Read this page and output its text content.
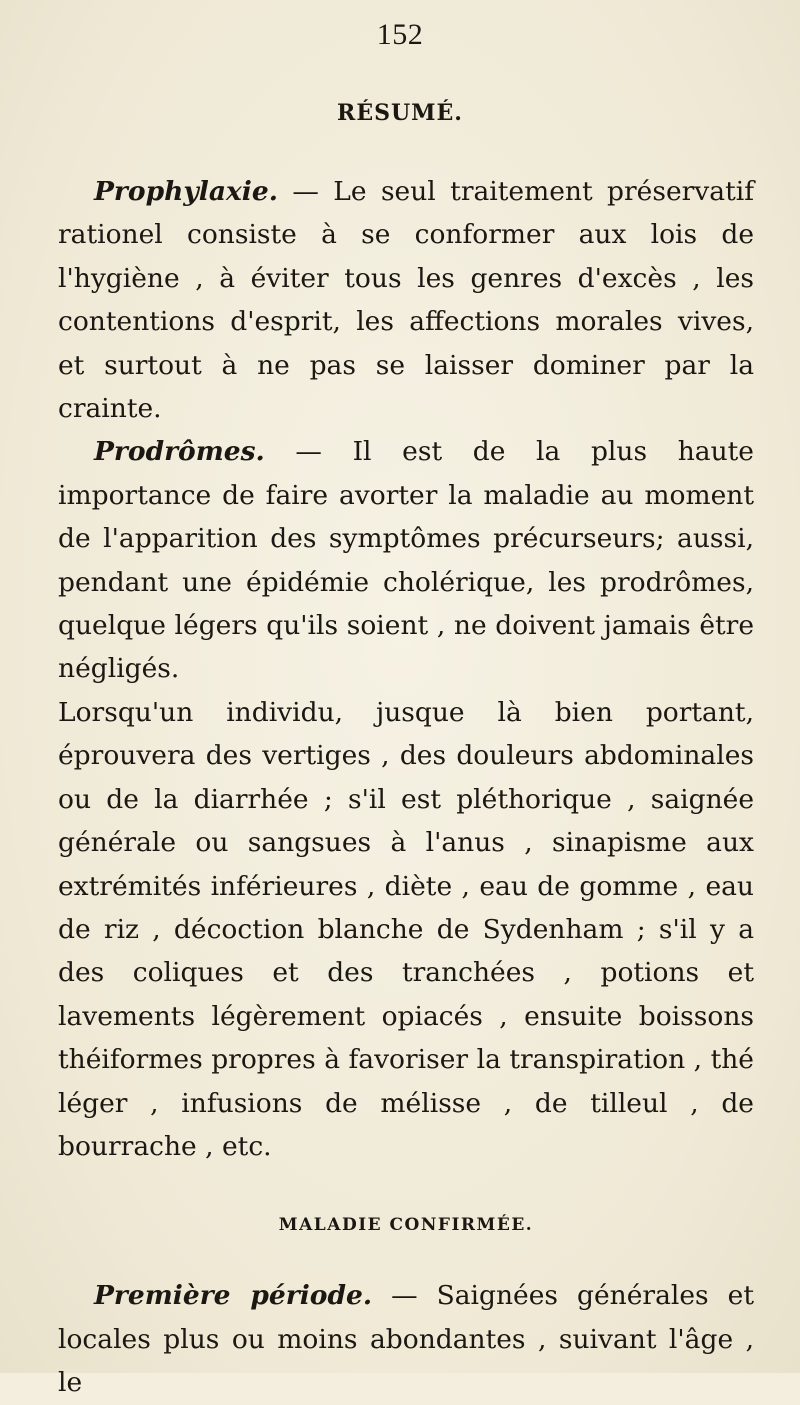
152
RÉSUMÉ.

Prophylaxie. — Le seul traitement préservatif rationel consiste à se conformer aux lois de l'hygiène , à éviter tous les genres d'excès , les contentions d'esprit, les affections morales vives, et surtout à ne pas se laisser dominer par la crainte.

Prodrômes. — Il est de la plus haute importance de faire avorter la maladie au moment de l'apparition des symptômes précurseurs; aussi, pendant une épidémie cholérique, les prodrômes, quelque légers qu'ils soient , ne doivent jamais être négligés.

Lorsqu'un individu, jusque là bien portant, éprouvera des vertiges , des douleurs abdominales ou de la diarrhée ; s'il est pléthorique , saignée générale ou sangsues à l'anus , sinapisme aux extrémités inférieures , diète , eau de gomme , eau de riz , décoction blanche de Sydenham ; s'il y a des coliques et des tranchées , potions et lavements légèrement opiacés , ensuite boissons théiformes propres à favoriser la transpiration , thé léger , infusions de mélisse , de tilleul , de bourrache , etc.

MALADIE CONFIRMÉE.

Première période. — Saignées générales et locales plus ou moins abondantes , suivant l'âge , le
